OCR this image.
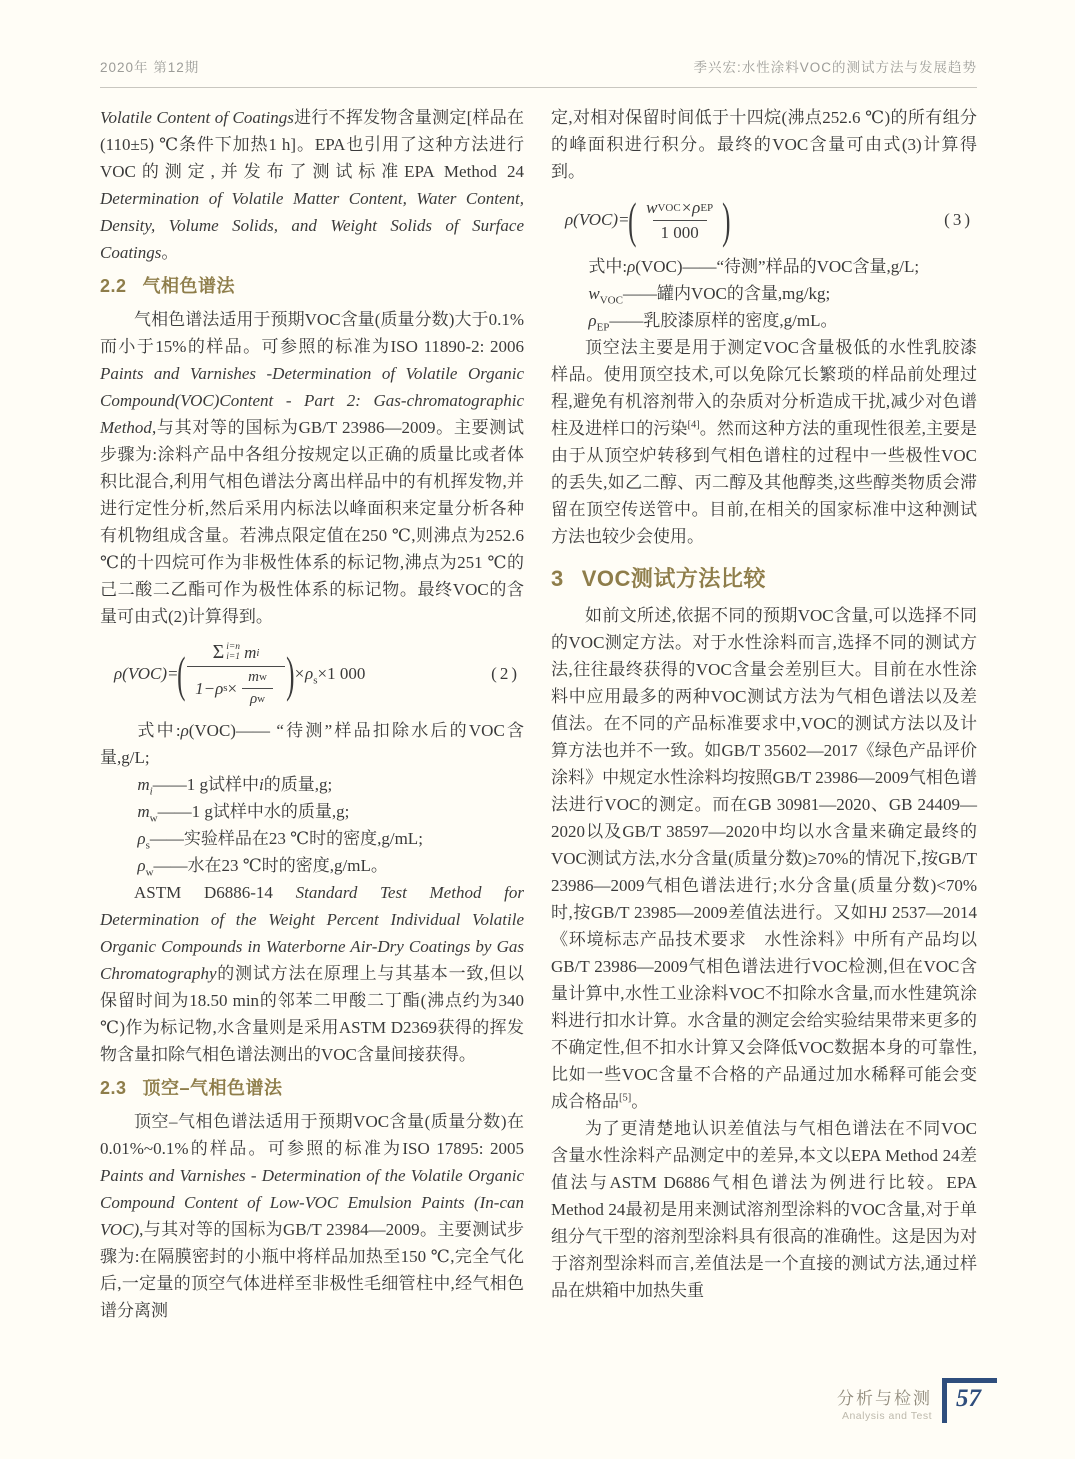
2020年 第12期	季兴宏:水性涂料VOC的测试方法与发展趋势

Volatile Content of Coatings进行不挥发物含量测定[样品在(110±5) ℃条件下加热1 h]。EPA也引用了这种方法进行VOC的测定,并发布了测试标准EPA Method 24 Determination of Volatile Matter Content, Water Content, Density, Volume Solids, and Weight Solids of Surface Coatings。

2.2 气相色谱法

气相色谱法适用于预期VOC含量(质量分数)大于0.1%而小于15%的样品。可参照的标准为ISO 11890-2: 2006 Paints and Varnishes -Determination of Volatile Organic Compound(VOC)Content - Part 2: Gas-chromatographic Method,与其对等的国标为GB/T 23986—2009。主要测试步骤为:涂料产品中各组分按规定以正确的质量比或者体积比混合,利用气相色谱法分离出样品中的有机挥发物,并进行定性分析,然后采用内标法以峰面积来定量分析各种有机物组成含量。若沸点限定值在250 ℃,则沸点为252.6 ℃的十四烷可作为非极性体系的标记物,沸点为251 ℃的己二酸二乙酯可作为极性体系的标记物。最终VOC的含量可由式(2)计算得到。

ρ(VOC)= ( Σ i=n
i=1 m i
1−ρ $s \times \frac{\text{m w}}{\text{ρ w}}$ ) $\times\rho_s\times 1$ 000	(2)

式中:ρ(VOC)—— “待测”样品扣除水后的VOC含量,g/L;

$m_i——1$ g试样中i的质量,g;

$m_w——1$ g试样中水的质量,g;

$\rho_s——$实验样品在23 ℃时的密度,g/mL;

$\rho_w——$水在23 ℃时的密度,g/mL。

ASTM D6886-14 Standard Test Method for Determination of the Weight Percent Individual Volatile Organic Compounds in Waterborne Air-Dry Coatings by Gas Chromatography的测试方法在原理上与其基本一致,但以保留时间为18.50 min的邻苯二甲酸二丁酯(沸点约为340 ℃)作为标记物,水含量则是采用ASTM D2369获得的挥发物含量扣除气相色谱法测出的VOC含量间接获得。

2.3 顶空–气相色谱法

顶空–气相色谱法适用于预期VOC含量(质量分数)在0.01%~0.1%的样品。可参照的标准为ISO 17895: 2005 Paints and Varnishes - Determination of the Volatile Organic Compound Content of Low-VOC Emulsion Paints (In-can VOC),与其对等的国标为GB/T 23984—2009。主要测试步骤为:在隔膜密封的小瓶中将样品加热至150 ℃,完全气化后,一定量的顶空气体进样至非极性毛细管柱中,经气相色谱分离测

定,对相对保留时间低于十四烷(沸点252.6 ℃)的所有组分的峰面积进行积分。最终的VOC含量可由式(3)计算得到。

ρ(VOC)= ( $\frac{\text{w VOC ×ρ EP}}{1 000}$ )	(3)

式中:ρ(VOC)——“待测”样品的VOC含量,g/L;

$w_{VOC}——$罐内VOC的含量,mg/kg;

$\rho_{EP}——$乳胶漆原样的密度,g/mL。

顶空法主要是用于测定VOC含量极低的水性乳胶漆样品。使用顶空技术,可以免除冗长繁琐的样品前处理过程,避免有机溶剂带入的杂质对分析造成干扰,减少对色谱柱及进样口的污染[4]。然而这种方法的重现性很差,主要是由于从顶空炉转移到气相色谱柱的过程中一些极性VOC的丢失,如乙二醇、丙二醇及其他醇类,这些醇类物质会滞留在顶空传送管中。目前,在相关的国家标准中这种测试方法也较少会使用。

3 VOC测试方法比较

如前文所述,依据不同的预期VOC含量,可以选择不同的VOC测定方法。对于水性涂料而言,选择不同的测试方法,往往最终获得的VOC含量会差别巨大。目前在水性涂料中应用最多的两种VOC测试方法为气相色谱法以及差值法。在不同的产品标准要求中,VOC的测试方法以及计算方法也并不一致。如GB/T 35602—2017《绿色产品评价　涂料》中规定水性涂料均按照GB/T 23986—2009气相色谱法进行VOC的测定。而在GB 30981—2020、GB 24409—2020以及GB/T 38597—2020中均以水含量来确定最终的VOC测试方法,水分含量(质量分数)≥70%的情况下,按GB/T 23986—2009气相色谱法进行;水分含量(质量分数)<70%时,按GB/T 23985—2009差值法进行。又如HJ 2537—2014《环境标志产品技术要求　水性涂料》中所有产品均以GB/T 23986—2009气相色谱法进行VOC检测,但在VOC含量计算中,水性工业涂料VOC不扣除水含量,而水性建筑涂料进行扣水计算。水含量的测定会给实验结果带来更多的不确定性,但不扣水计算又会降低VOC数据本身的可靠性,比如一些VOC含量不合格的产品通过加水稀释可能会变成合格品[5]。

为了更清楚地认识差值法与气相色谱法在不同VOC含量水性涂料产品测定中的差异,本文以EPA Method 24差值法与ASTM D6886气相色谱法为例进行比较。EPA Method 24最初是用来测试溶剂型涂料的VOC含量,对于单组分气干型的溶剂型涂料具有很高的准确性。这是因为对于溶剂型涂料而言,差值法是一个直接的测试方法,通过样品在烘箱中加热失重

分析与检测
Analysis and Test
57
